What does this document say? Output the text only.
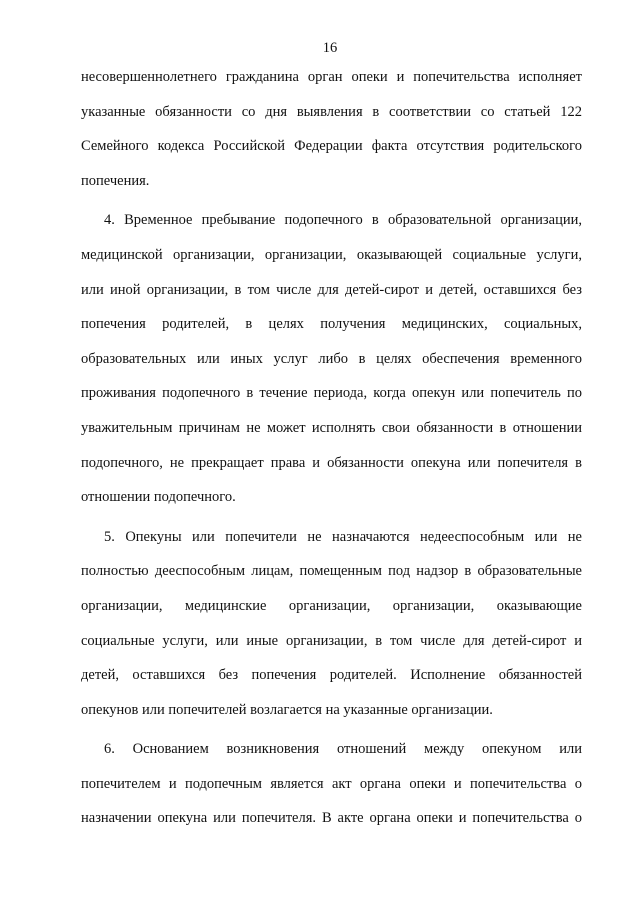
16

несовершеннолетнего гражданина орган опеки и попечительства исполняет
указанные обязанности со дня выявления в соответствии со статьей 122
Семейного кодекса Российской Федерации факта отсутствия родительского
попечения.

4. Временное пребывание подопечного в образовательной организации,
медицинской организации, организации, оказывающей социальные услуги,
или иной организации, в том числе для детей-сирот и детей, оставшихся без
попечения родителей, в целях получения медицинских, социальных,
образовательных или иных услуг либо в целях обеспечения временного
проживания подопечного в течение периода, когда опекун или попечитель по
уважительным причинам не может исполнять свои обязанности в отношении
подопечного, не прекращает права и обязанности опекуна или попечителя в
отношении подопечного.

5. Опекуны или попечители не назначаются недееспособным или не
полностью дееспособным лицам, помещенным под надзор в образовательные
организации, медицинские организации, организации, оказывающие
социальные услуги, или иные организации, в том числе для детей-сирот и
детей, оставшихся без попечения родителей. Исполнение обязанностей
опекунов или попечителей возлагается на указанные организации.

6. Основанием возникновения отношений между опекуном или
попечителем и подопечным является акт органа опеки и попечительства о
назначении опекуна или попечителя. В акте органа опеки и попечительства о
